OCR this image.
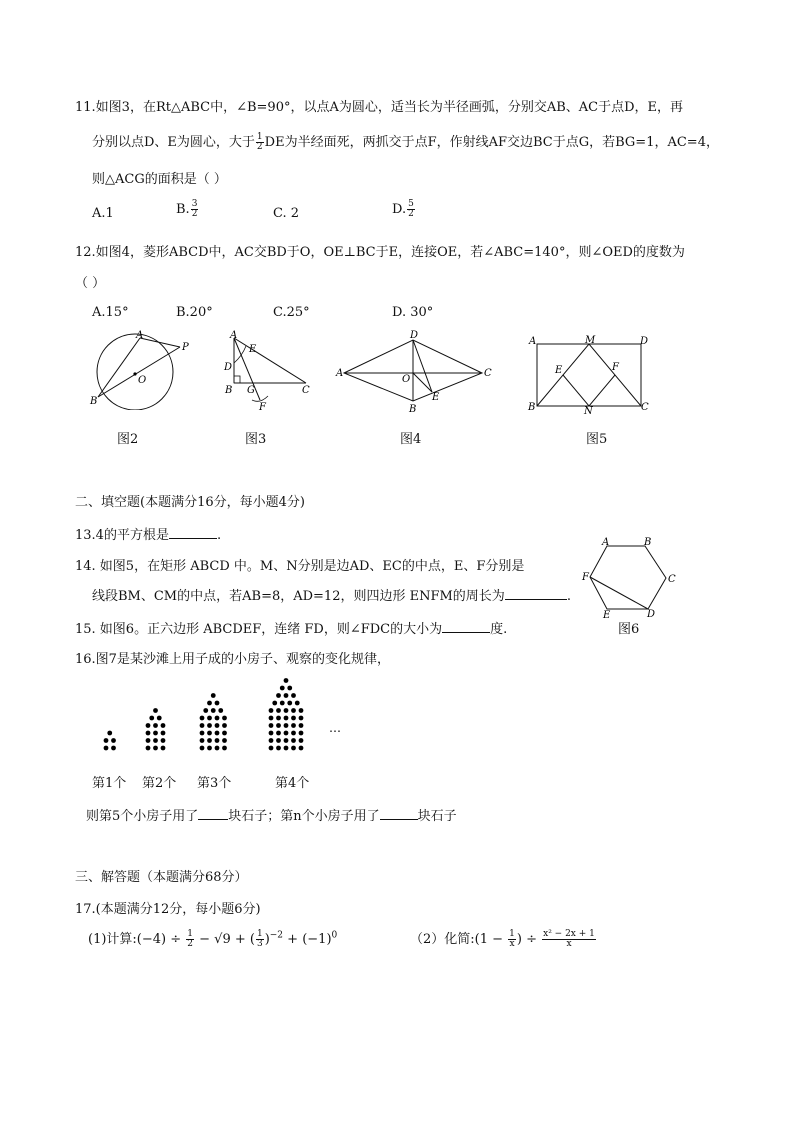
11.如图3，在Rt△ABC中，∠B=90°，以点A为圆心，适当长为半径画弧，分别交AB、AC于点D，E，再
分别以点D、E为圆心，大于 $\frac{1}{2}$ DE为半经面死，两抓交于点F，作射线AF交边BC于点G，若BG=1，AC=4，
则△ACG的面积是（ ）
A.1	B. $\frac{3}{2}$	C. 2	D. $\frac{5}{2}$
12.如图4，菱形ABCD中，AC交BD于O，OE⊥BC于E，连接OE，若∠ABC=140°，则∠OED的度数为
（ ）
A.15°	B.20°	C.25°	D. 30°
A
P
O
B
图2
A
E
D
B G	C
F
图3
D
A
O
C
E
B
图4
A	M	D
E	F
B	N	C
图5
二、填空题(本题满分16分，每小题4分)
13.4的平方根是	.
14. 如图5，在矩形 ABCD 中。M、N分别是边AD、EC的中点，E、F分别是
线段BM、CM的中点，若AB=8，AD=12，则四边形 ENFM的周长为	.
A	B
F	C
E	D
图6
15. 如图6。正六边形 ABCDEF，连绪 FD，则∠FDC的大小为	度.
16.图7是某沙滩上用子成的小房子、观察的变化规律，
…
第1个 第2个 第3个	第4个
则第5个小房子用了 块石子；第n个小房子用了	块石子
三、解答题（本题满分68分）
17.(本题满分12分，每小题6分)
(1)计算:(−4) ÷ $\frac{1}{2} - √9$ + ( $\frac{1}{3} )^{-2} + (-1)^0$	（2）化简:(1 − $\frac{1}{x}$ ) ÷ $\frac{\text{x² − 2x + 1}}{x}$
